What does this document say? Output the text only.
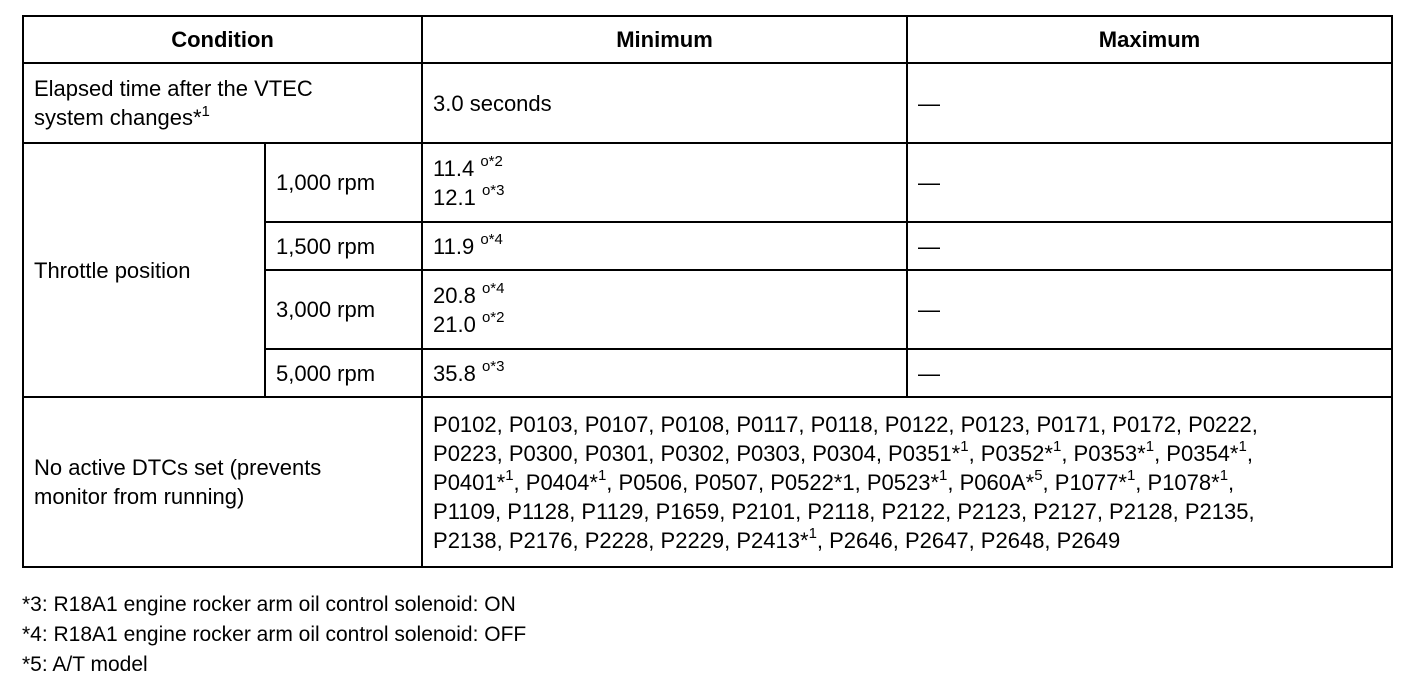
Condition		Minimum	Maximum

Elapsed time after the VTEC
system changes*$^1$		3.0 seconds	—
Throttle position	1,000 rpm	11.4 $^{o*2}$
12.1 $^{o*3}$	—
	1,500 rpm	11.9 $^{o*4}$	—
	3,000 rpm	20.8 $^{o*4}$
21.0 $^{o*2}$	—
	5,000 rpm	35.8 $^{o*3}$	—

No active DTCs set (prevents
monitor from running)		P0102, P0103, P0107, P0108, P0117, P0118, P0122, P0123, P0171, P0172, P0222,
P0223, P0300, P0301, P0302, P0303, P0304, P0351*$^1$, P0352*$^1$, P0353*$^1$, P0354*$^1$,
P0401*$^1$, P0404*$^1$, P0506, P0507, P0522*1, P0523*$^1$, P060A*$^5$, P1077*$^1$, P1078*$^1$,
P1109, P1128, P1129, P1659, P2101, P2118, P2122, P2123, P2127, P2128, P2135,
P2138, P2176, P2228, P2229, P2413*$^1$, P2646, P2647, P2648, P2649	
*3: R18A1 engine rocker arm oil control solenoid: ON
*4: R18A1 engine rocker arm oil control solenoid: OFF
*5: A/T model
